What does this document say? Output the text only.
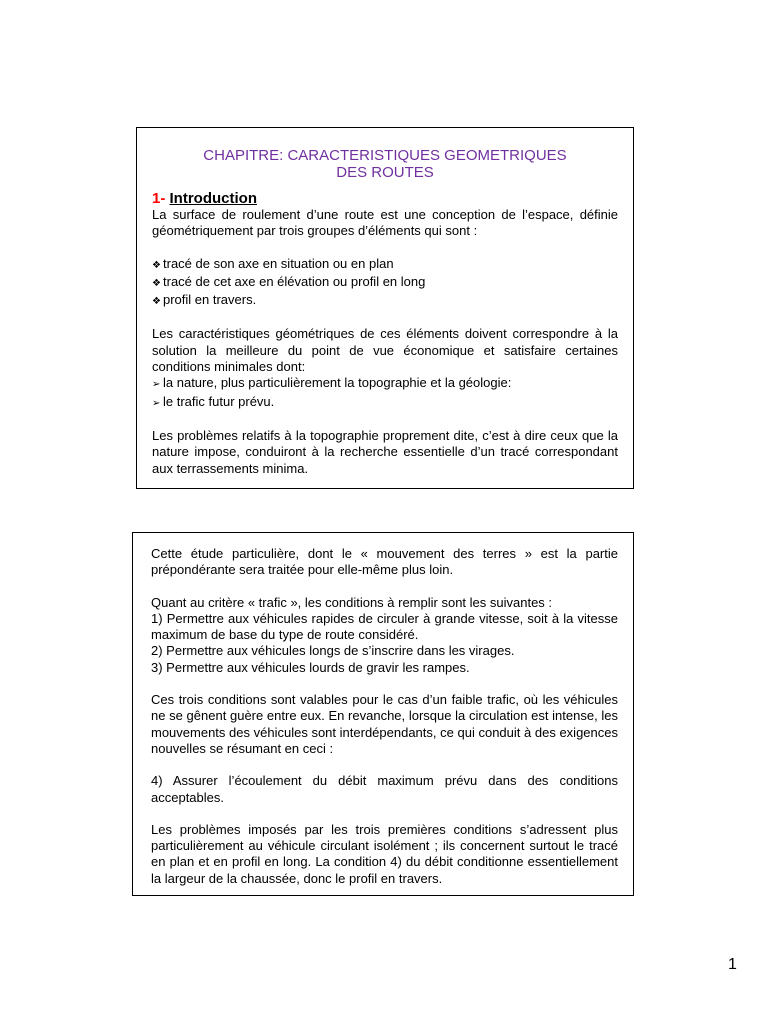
CHAPITRE: CARACTERISTIQUES GEOMETRIQUES
DES ROUTES
1- Introduction

La surface de roulement d’une route est une conception de l’espace, définie géométriquement par trois groupes d’éléments qui sont :

❖ tracé de son axe en situation ou en plan
❖ tracé de cet axe en élévation ou profil en long
❖ profil en travers.

Les caractéristiques géométriques de ces éléments doivent correspondre à la solution la meilleure du point de vue économique et satisfaire certaines conditions minimales dont:

➢ la nature, plus particulièrement la topographie et la géologie:
➢ le trafic futur prévu.

Les problèmes relatifs à la topographie proprement dite, c’est à dire ceux que la nature impose, conduiront à la recherche essentielle d’un tracé correspondant aux terrassements minima.

Cette étude particulière, dont le « mouvement des terres » est la partie prépondérante sera traitée pour elle-même plus loin.

Quant au critère « trafic », les conditions à remplir sont les suivantes :

1) Permettre aux véhicules rapides de circuler à grande vitesse, soit à la vitesse maximum de base du type de route considéré.

2) Permettre aux véhicules longs de s’inscrire dans les virages.

3) Permettre aux véhicules lourds de gravir les rampes.

Ces trois conditions sont valables pour le cas d’un faible trafic, où les véhicules ne se gênent guère entre eux. En revanche, lorsque la circulation est intense, les mouvements des véhicules sont interdépendants, ce qui conduit à des exigences nouvelles se résumant en ceci :

4) Assurer l’écoulement du débit maximum prévu dans des conditions acceptables.

Les problèmes imposés par les trois premières conditions s’adressent plus particulièrement au véhicule circulant isolément ; ils concernent surtout le tracé en plan et en profil en long. La condition 4) du débit conditionne essentiellement la largeur de la chaussée, donc le profil en travers.

1
